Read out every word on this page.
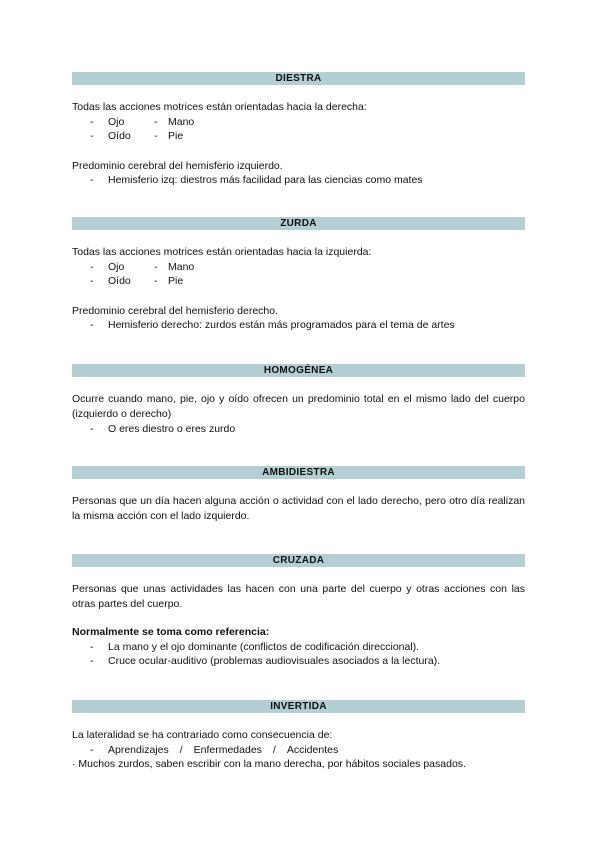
DIESTRA
Todas las acciones motrices están orientadas hacia la derecha:
- Ojo	- Mano
- Oído - Pie
Predominio cerebral del hemisferio izquierdo.
- Hemisferio izq: diestros más facilidad para las ciencias como mates
ZURDA
Todas las acciones motrices están orientadas hacia la izquierda:
- Ojo	- Mano
- Oído - Pie
Predominio cerebral del hemisferio derecho.
- Hemisferio derecho: zurdos están más programados para el tema de artes
HOMOGÉNEA
Ocurre cuando mano, pie, ojo y oído ofrecen un predominio total en el mismo lado del cuerpo (izquierdo o derecho)
- O eres diestro o eres zurdo
AMBIDIESTRA
Personas que un día hacen alguna acción o actividad con el lado derecho, pero otro día realizan la misma acción con el lado izquierdo.
CRUZADA
Personas que unas actividades las hacen con una parte del cuerpo y otras acciones con las otras partes del cuerpo.
Normalmente se toma como referencia:
- La mano y el ojo dominante (conflictos de codificación direccional).
- Cruce ocular-auditivo (problemas audiovisuales asociados a la lectura).
INVERTIDA
La lateralidad se ha contrariado como consecuencia de:
- Aprendizajes / Enfermedades / Accidentes
· Muchos zurdos, saben escribir con la mano derecha, por hábitos sociales pasados.
